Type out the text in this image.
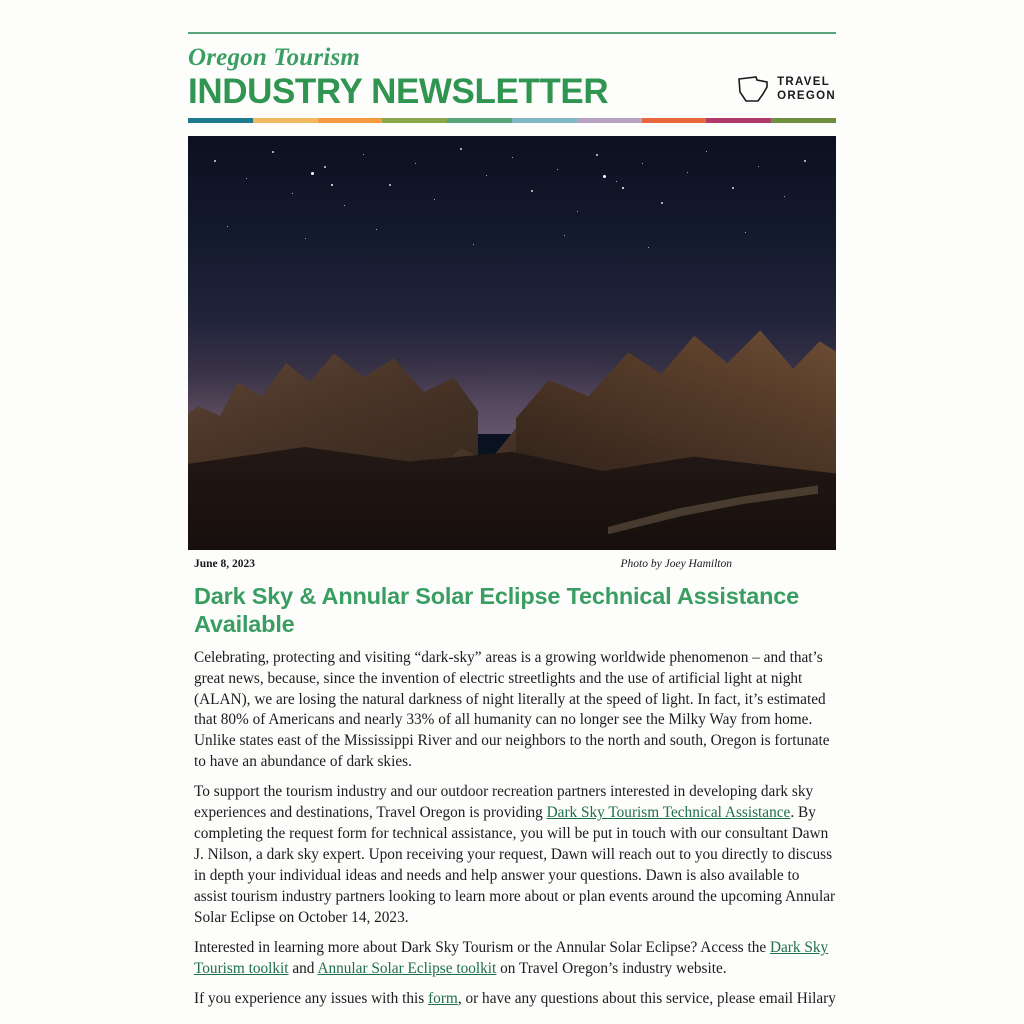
Oregon Tourism
INDUSTRY NEWSLETTER	TRAVEL
OREGON
June 8, 2023	Photo by Joey Hamilton
Dark Sky & Annular Solar Eclipse Technical Assistance Available

Celebrating, protecting and visiting “dark-sky” areas is a growing worldwide phenomenon – and that’s great news, because, since the invention of electric streetlights and the use of artificial light at night (ALAN), we are losing the natural darkness of night literally at the speed of light. In fact, it’s estimated that 80% of Americans and nearly 33% of all humanity can no longer see the Milky Way from home. Unlike states east of the Mississippi River and our neighbors to the north and south, Oregon is fortunate to have an abundance of dark skies.

To support the tourism industry and our outdoor recreation partners interested in developing dark sky experiences and destinations, Travel Oregon is providing Dark Sky Tourism Technical Assistance. By completing the request form for technical assistance, you will be put in touch with our consultant Dawn J. Nilson, a dark sky expert. Upon receiving your request, Dawn will reach out to you directly to discuss in depth your individual ideas and needs and help answer your questions. Dawn is also available to assist tourism industry partners looking to learn more about or plan events around the upcoming Annular Solar Eclipse on October 14, 2023.

Interested in learning more about Dark Sky Tourism or the Annular Solar Eclipse? Access the Dark Sky Tourism toolkit and Annular Solar Eclipse toolkit on Travel Oregon’s industry website.

If you experience any issues with this form, or have any questions about this service, please email Hilary
